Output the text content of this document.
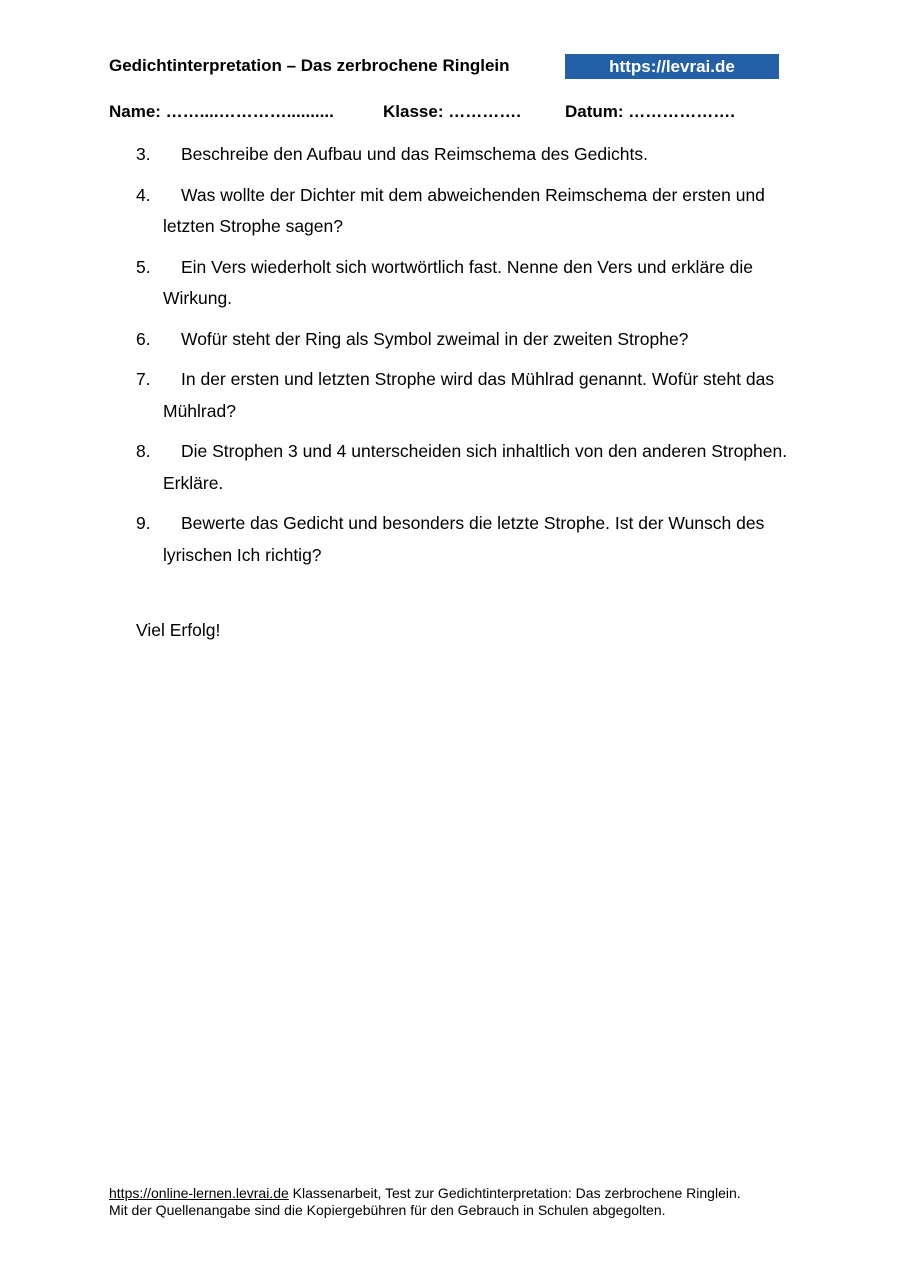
Gedichtinterpretation – Das zerbrochene Ringlein	https://levrai.de
Name: ……....…………..........	Klasse: ………….	Datum: ……………….
3.	Beschreibe den Aufbau und das Reimschema des Gedichts.
4.	Was wollte der Dichter mit dem abweichenden Reimschema der ersten und letzten Strophe sagen?
5.	Ein Vers wiederholt sich wortwörtlich fast. Nenne den Vers und erkläre die Wirkung.
6.	Wofür steht der Ring als Symbol zweimal in der zweiten Strophe?
7.	In der ersten und letzten Strophe wird das Mühlrad genannt. Wofür steht das Mühlrad?
8.	Die Strophen 3 und 4 unterscheiden sich inhaltlich von den anderen Strophen. Erkläre.
9.	Bewerte das Gedicht und besonders die letzte Strophe. Ist der Wunsch des lyrischen Ich richtig?
Viel Erfolg!
https://online-lernen.levrai.de Klassenarbeit, Test zur Gedichtinterpretation: Das zerbrochene Ringlein.
Mit der Quellenangabe sind die Kopiergebühren für den Gebrauch in Schulen abgegolten.
